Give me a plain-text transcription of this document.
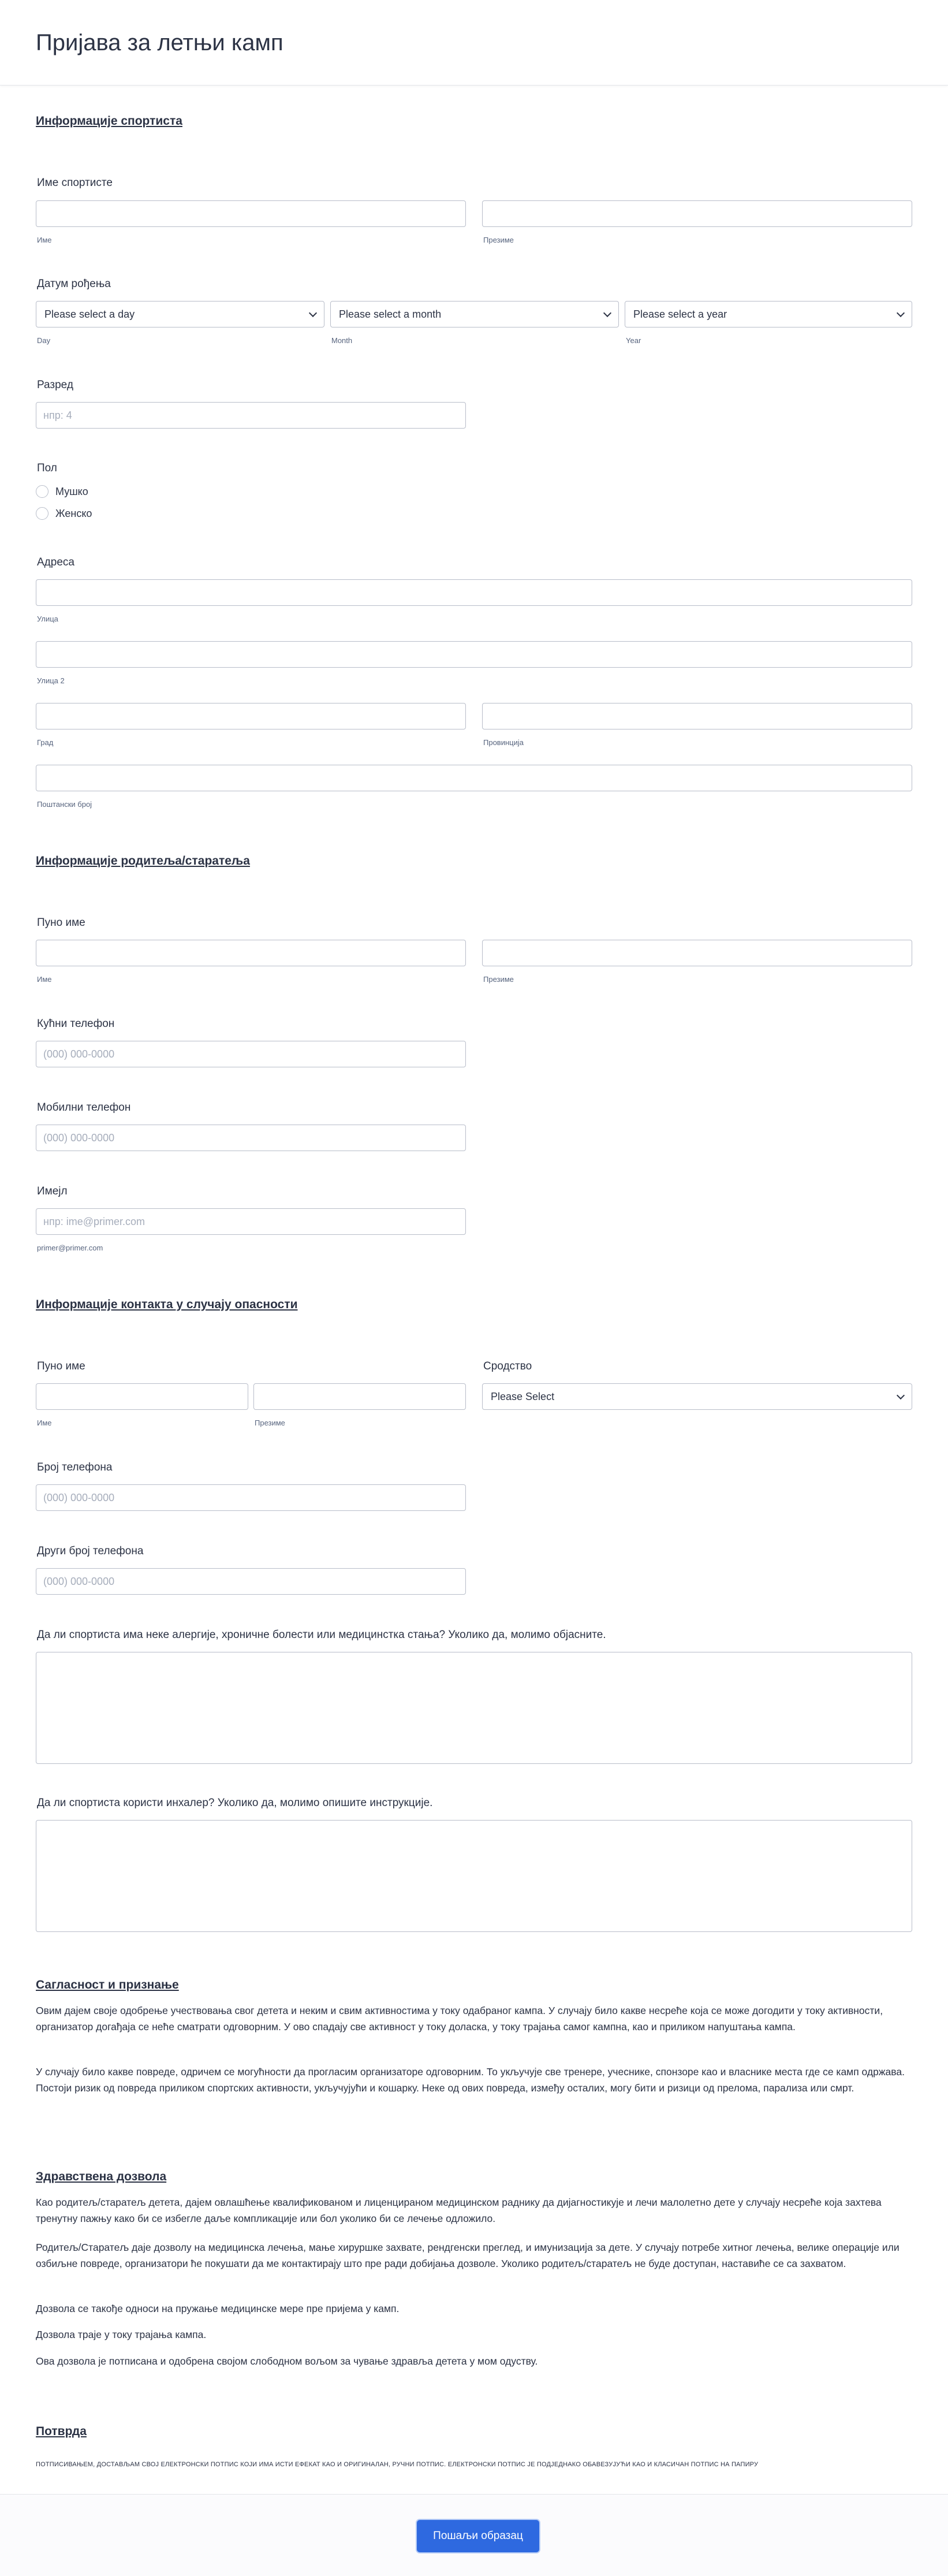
Пријава за летњи камп
Информације спортиста
Име спортисте
Име	Презиме
Датум рођења
Please select a day	Please select a month	Please select a year
Day	Month	Year
Разред
нпр: 4
Пол
Мушко
Женско
Адреса
Улица
Улица 2
Град	Провинција
Поштански број
Информације родитеља/старатеља
Пуно име
Име	Презиме
Кућни телефон
(000) 000-0000
Мобилни телефон
(000) 000-0000
Имејл
нпр: ime@primer.com
primer@primer.com
Информације контакта у случају опасности
Пуно име
Име	Презиме
Сродство
Please Select
Број телефона
(000) 000-0000
Други број телефона
(000) 000-0000
Да ли спортиста има неке алергије, хроничне болести или медицинстка стања? Уколико да, молимо објасните.
Да ли спортиста користи инхалер? Уколико да, молимо опишите инструкције.
Сагласност и признање

Овим дајем своје одобрење учествовања свог детета и неким и свим активностима у току одабраног кампа. У случају било какве несреће која се може догодити у току активности, организатор догађаја се неће сматрати одговорним. У ово спадају све активност у току доласка, у току трајања самог кампна, као и приликом напуштања кампа.

У случају било какве повреде, одричем се могућности да прогласим организаторе одговорним. То укључује све тренере, учеснике, спонзоре као и власнике места где се камп одржава. Постоји ризик од повреда приликом спортских активности, укључујући и кошарку. Неке од ових повреда, између осталих, могу бити и ризици од прелома, парализа или смрт.

Здравствена дозвола

Као родитељ/старатељ детета, дајем овлашћење квалификованом и лиценцираном медицинском раднику да дијагностикује и лечи малолетно дете у случају несреће која захтева тренутну пажњу како би се избегле даље компликације или бол уколико би се лечење одложило.

Родитељ/Старатељ даје дозволу на медицинска лечења, мање хируршке захвате, рендгенски преглед, и имунизација за дете. У случају потребе хитног лечења, велике операције или озбиљне повреде, организатори ће покушати да ме контактирају што пре ради добијања дозволе. Уколико родитељ/старатељ не буде доступан, наставиће се са захватом.

Дозвола се такође односи на пружање медицинске мере пре пријема у камп.

Дозвола траје у току трајања кампа.

Ова дозвола је потписана и одобрена својом слободном вољом за чување здравља детета у мом одуству.

Потврда
ПОТПИСИВАЊЕМ, ДОСТАВЉАМ СВОЈ ЕЛЕКТРОНСКИ ПОТПИС КОЈИ ИМА ИСТИ ЕФЕКАТ КАО И ОРИГИНАЛАН, РУЧНИ ПОТПИС. ЕЛЕКТРОНСКИ ПОТПИС ЈЕ ПОДЈЕДНАКО ОБАВЕЗУЈУЋИ КАО И КЛАСИЧАН ПОТПИС НА ПАПИРУ
Пошаљи образац
